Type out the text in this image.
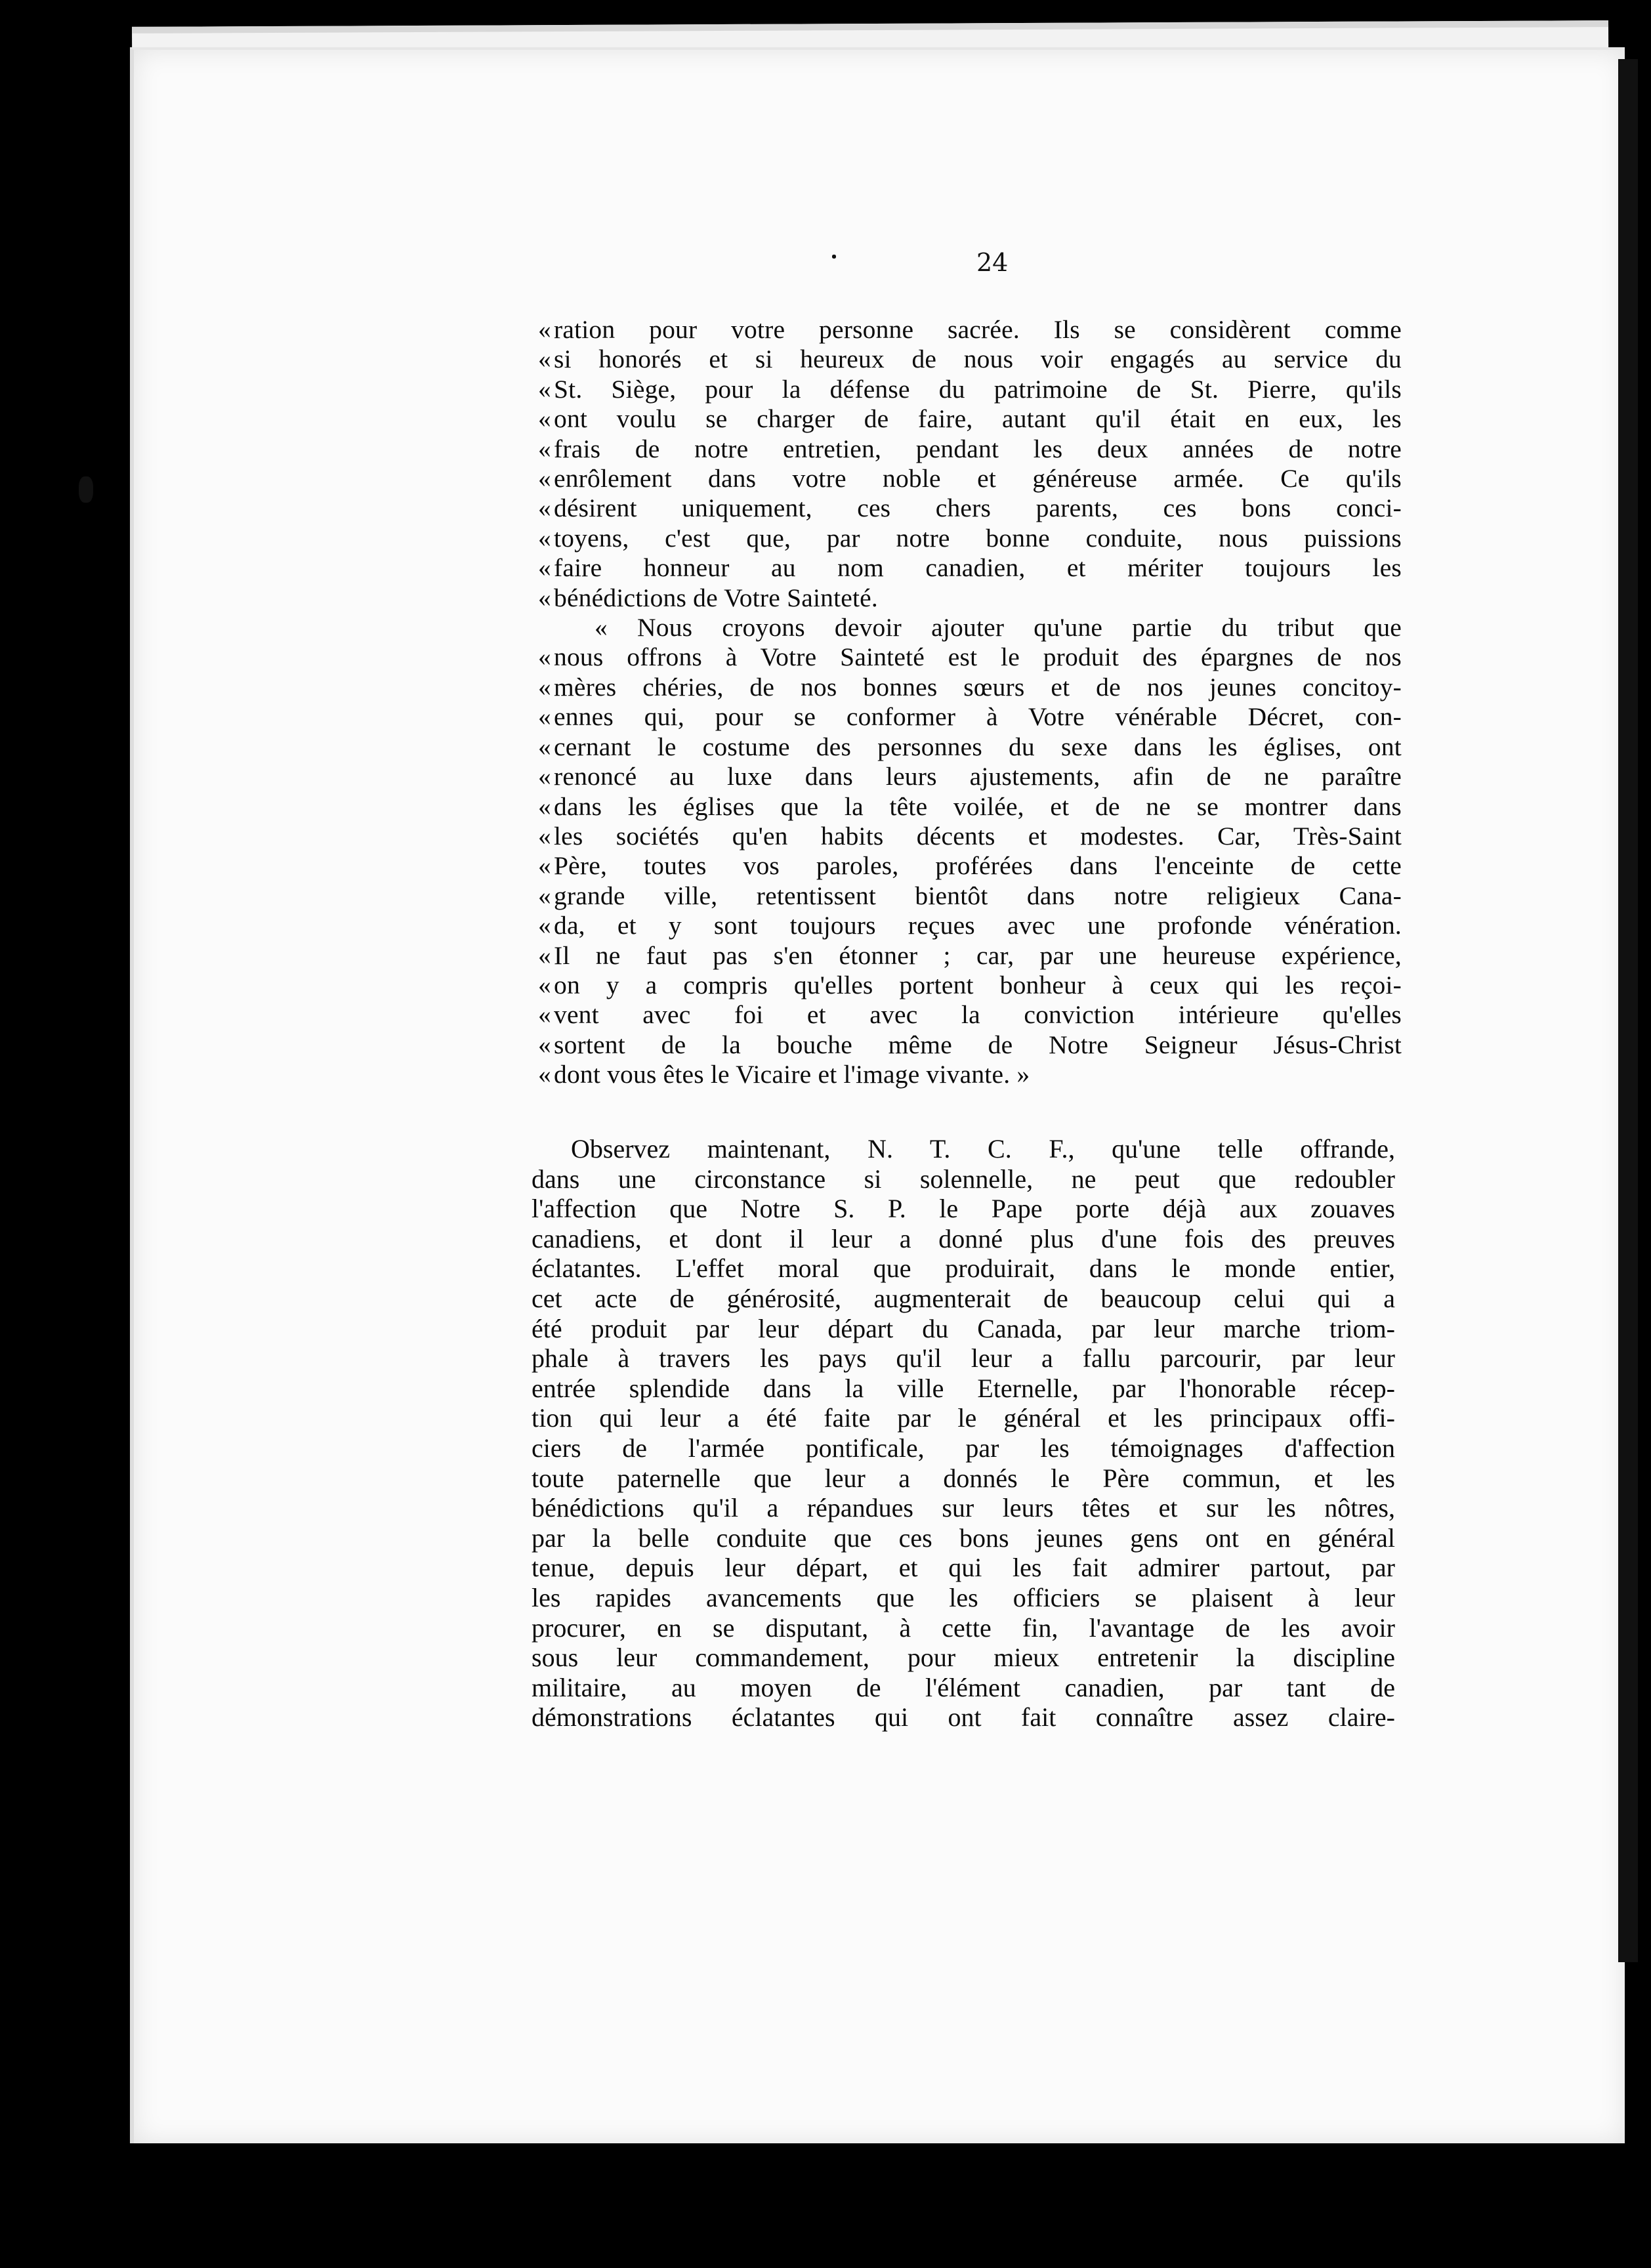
24
« ration pour votre personne sacrée. Ils se considèrent comme
« si honorés et si heureux de nous voir engagés au service du
« St. Siège, pour la défense du patrimoine de St. Pierre, qu'ils
« ont voulu se charger de faire, autant qu'il était en eux, les
« frais de notre entretien, pendant les deux années de notre
« enrôlement dans votre noble et généreuse armée. Ce qu'ils
« désirent uniquement, ces chers parents, ces bons conci-
« toyens, c'est que, par notre bonne conduite, nous puissions
« faire honneur au nom canadien, et mériter toujours les
« bénédictions de Votre Sainteté.
« Nous croyons devoir ajouter qu'une partie du tribut que
« nous offrons à Votre Sainteté est le produit des épargnes de nos
« mères chéries, de nos bonnes sœurs et de nos jeunes concitoy-
« ennes qui, pour se conformer à Votre vénérable Décret, con-
« cernant le costume des personnes du sexe dans les églises, ont
« renoncé au luxe dans leurs ajustements, afin de ne paraître
« dans les églises que la tête voilée, et de ne se montrer dans
« les sociétés qu'en habits décents et modestes. Car, Très-Saint
« Père, toutes vos paroles, proférées dans l'enceinte de cette
« grande ville, retentissent bientôt dans notre religieux Cana-
« da, et y sont toujours reçues avec une profonde vénération.
« Il ne faut pas s'en étonner ; car, par une heureuse expérience,
« on y a compris qu'elles portent bonheur à ceux qui les reçoi-
« vent avec foi et avec la conviction intérieure qu'elles
« sortent de la bouche même de Notre Seigneur Jésus-Christ
« dont vous êtes le Vicaire et l'image vivante. »
Observez maintenant, N. T. C. F., qu'une telle offrande,
dans une circonstance si solennelle, ne peut que redoubler
l'affection que Notre S. P. le Pape porte déjà aux zouaves
canadiens, et dont il leur a donné plus d'une fois des preuves
éclatantes. L'effet moral que produirait, dans le monde entier,
cet acte de générosité, augmenterait de beaucoup celui qui a
été produit par leur départ du Canada, par leur marche triom-
phale à travers les pays qu'il leur a fallu parcourir, par leur
entrée splendide dans la ville Eternelle, par l'honorable récep-
tion qui leur a été faite par le général et les principaux offi-
ciers de l'armée pontificale, par les témoignages d'affection
toute paternelle que leur a donnés le Père commun, et les
bénédictions qu'il a répandues sur leurs têtes et sur les nôtres,
par la belle conduite que ces bons jeunes gens ont en général
tenue, depuis leur départ, et qui les fait admirer partout, par
les rapides avancements que les officiers se plaisent à leur
procurer, en se disputant, à cette fin, l'avantage de les avoir
sous leur commandement, pour mieux entretenir la discipline
militaire, au moyen de l'élément canadien, par tant de
démonstrations éclatantes qui ont fait connaître assez claire-
